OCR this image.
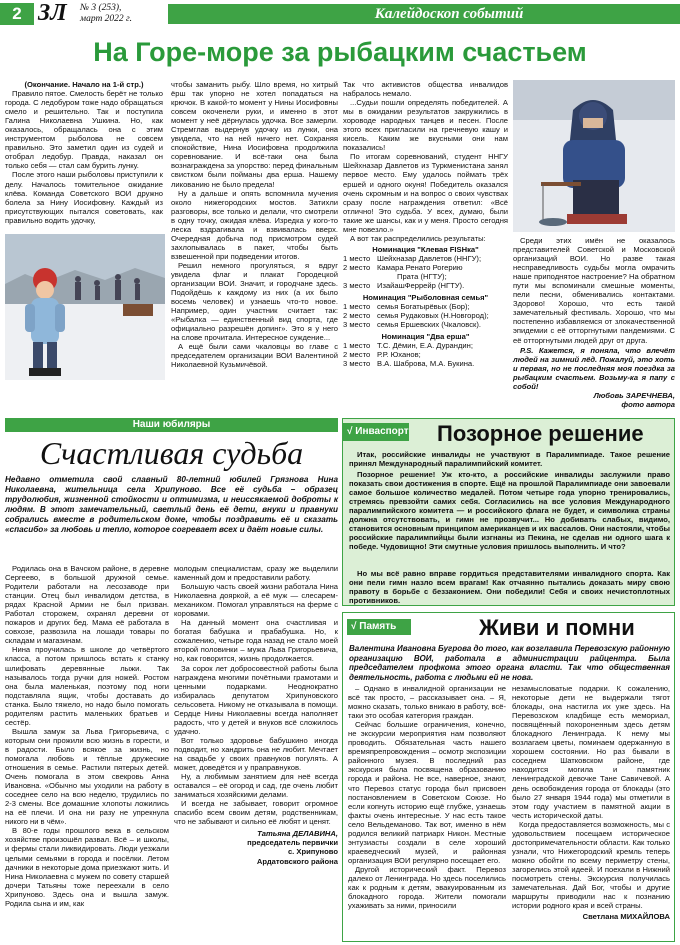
2 ЗЛ № 3 (253),
март 2022 г.	Калейдоскоп событий
На Горе-море за рыбацким счастьем

(Окончание. Начало на 1-й стр.)

Правило пятое. Смелость берёт не только города. С ледобуром тоже надо обращаться смело и решительно. Так и поступила Галина Николаевна Ушкина. Но, как оказалось, обращалась она с этим инструментом рыболова не совсем правильно. Это заметил один из судей и отобрал ледобур. Правда, наказал он только себя — стал сам бурить лунку.

После этого наши рыболовы приступили к делу. Началось томительное ожидание клёва. Команда Советского ВОИ дружно болела за Нину Иосифовну. Каждый из присутствующих пытался советовать, как правильно водить удочку,

чтобы заманить рыбу. Шло время, но хитрый ёрш так упорно не хотел попадаться на крючок. В какой-то момент у Нины Иосифовны совсем окоченели руки, и именно в этот момент у неё дёрнулась удочка. Все замерли. Стремглав выдернув удочку из лунки, она увидела, что на ней ничего нет. Сохраняя спокойствие, Нина Иосифовна продолжила соревнование. И всё-таки она была вознаграждена за упорство: перед финальным свистком были пойманы два ерша. Нашему ликованию не было предела!

Ну а дальше и опять вспомнила мучения около нижегородских мостов. Затихли разговоры, все только и делали, что смотрели в одну точку, ожидая клёва. Изредка у кого-то леска вздрагивала и взвивалась вверх. Очередная добыча под присмотром судей захлопывалась в пакет, чтобы быть взвешенной при подведении итогов.

Решил немного прогуляться, я вдруг увидела флаг и плакат Городецкой организации ВОИ. Значит, и городчане здесь. Подойдёшь к каждому из них (а их было восемь человек) и узнаешь что-то новое. Например, один участник считает так: «Рыбалка — единственный вид спорта, где официально разрешён допинг». Это я у него на слове прочитала. Интересное суждение...

А ещё были сами чкаловцы во главе с председателем организации ВОИ Валентиной Николаевной Кузьмичёвой.

Так что активистов общества инвалидов набралось немало.

...Судьи пошли определять победителей. А мы в ожидании результатов закружились в хороводе народных танцев и песен. После этого всех пригласили на гречневую кашу и кисель. Каким же вкусными они нам показались!

По итогам соревнований, студент ННГУ Шейхназар Давлетов из Туркменистана занял первое место. Ему удалось поймать трёх ершей и одного окуня! Победитель оказался очень скромным и на вопрос о своих чувствах сразу после награждения ответил: «Всё отлично! Это судьба. У всех, думаю, были такие же шансы, как и у меня. Просто сегодня мне повезло.»

А вот так распределились результаты:

Номинация "Клевая FISHка"
1 место Шейхназар Давлетов (ННГУ);
2 место Камара Ренато Рогерию
Прата (НГТУ);
3 место ИзайашФеррейр (НГТУ).
Номинация "Рыболовная семья"
1 место семья Богатырёвых (Бор);
2 место семья Рудаковых (Н.Новгород);
3 место семья Ершевских (Чкаловск).
Номинация "Два ерша"
1 место Т.С. Дёмин, Е.А. Дурандин;
2 место Р.Р. Юханов;
3 место В.А. Шаброва, М.А. Букина.

Среди этих имён не оказалось представителей Советской и Московской организаций ВОИ. Но разве такая несправедливость судьбы могла омрачить наше приподнятое настроение? На обратном пути мы вспоминали смешные моменты, пели песни, обменивались контактами. Здорово! Хорошо, что есть такой замечательный фестиваль. Хорошо, что мы постепенно избавляемся от злокачественной эпидемии с её отторгнутыми пандемиями. С её отторгнутыми людей друг от друга.

P.S. Кажется, я поняла, что влечёт людей на зимний лёд. Пожалуй, это хоть и первая, но не последняя моя поездка за рыбацким счастьем. Возьму-ка я папу с собой!

Любовь ЗАРЕЧНЕВА,
фото автора
Наши юбиляры
Счастливая судьба
Недавно отметила свой славный 80-летний юбилей Грязнова Нина Николаевна, жительница села Хрипуново. Все её судьба – образец трудолюбия, жизненной стойкости и оптимизма, и неиссякаемой доброты к людям. В этот замечательный, светлый день её дети, внуки и правнуки собрались вместе в родительском доме, чтобы поздравить её и сказать «спасибо» за любовь и тепло, которое согревает всех и даёт новые силы.

Родилась она в Вачском районе, в деревне Сергеево, в большой дружной семье. Родители работали на лесозаводе при станции. Отец был инвалидом детства, в рядах Красной Армии не был призван. Работал сторожем, охранял деревни от пожаров и других бед. Мама её работала в совхозе, развозила на лошади товары по складам и магазинам.

Нина проучилась в школе до четвёртого класса, а потом пришлось встать к станку шлифовать деревянные лыжи. Так называлось тогда ручки для ножей. Ростом она была маленькая, поэтому под ноги подставляла ящик, чтобы доставать до станка. Было тяжело, но надо было помогать родителям растить маленьких братьев и сестёр.

Вышла замуж за Льва Григорьевича, с которым они прожили всю жизнь в горести, и в радости. Было всякое за жизнь, но помогала любовь и тёплые дружеские отношения в семье. Растили пятерых детей. Очень помогала в этом свекровь Анна Ивановна. «Обычно мы уходили на работу в соседнее село на всю неделю, трудились по 2-3 смены. Все домашние хлопоты ложились на её плечи. И она ни разу не упрекнула никого ни в чём».

В 80-е годы прошлого века в сельском хозяйстве произошёл развал. Всё – и школы, и фермы стали ликвидировать. Люди уезжали целыми семьями в города и посёлки. Летом дачники в некоторые дома приезжают жить. И Нина Николаевна с мужем по совету старшей дочери Татьяны тоже переехали в село Хрипуново. Здесь она и вышла замуж. Родила сына и им, как

молодым специалистам, сразу же выделили каменный дом и предоставили работу.

Большую часть своей жизни работала Нина Николаевна дояркой, а её муж — слесарем-механиком. Помогал управляться на ферме с коровами.

На данный момент она счастливая и богатая бабушка и прабабушка. Но, к сожалению, четыре года назад не стало моей второй половинки – мужа Льва Григорьевича, но, как говорится, жизнь продолжается.

За сорок лет добросовестной работы была награждена многими почётными грамотами и ценными подарками. Неоднократно избиралась депутатом Хрипуновского сельсовета. Никому не отказывала в помощи. Сердце Нины Николаевны всегда наполняет радость, что у детей и внуков всё сложилось удачно.

Вот только здоровье бабушкино иногда подводит, но хандрить она не любит. Мечтает на свадьбе у своих правнуков погулять. А может, доведётся и у праправнуков.

Ну, а любимым занятием для неё всегда оставался – её огород и сад, где очень любит заниматься хозяйскими делами.

И всегда не забывает, говорит огромное спасибо всем своим детям, родственникам, что не забывают и сильно её любят и ценят.

Татьяна ДЕЛАВИНА,
председатель первички
с. Хрипуново
Ардатовского района
√ Инваспорт Позорное решение
Итак, российские инвалиды не участвуют в Паралимпиаде. Такое решение принял Международный паралимпийский комитет.
Позорное решение! Уж кто-кто, а российские инвалиды заслужили право показать свои достижения в спорте. Ещё на прошлой Паралимпиаде они завоевали самое большое количество медалей. Потом четыре года упорно тренировались, стремясь превзойти самих себя. Согласились на все условия Международного паралимпийского комитета — и российского флага не будет, и символика страны должна отсутствовать, и гимн не прозвучит... Но добивать слабых, видимо, становится основным принципом американцев и их вассалов. Они настояли, чтобы российские паралимпийцы были изгнаны из Пекина, не сделав ни одного шага к победе. Чудовищно! Эти смутные условия пришлось выполнить. И что?
Но мы всё равно вправе гордиться представителями инвалидного спорта. Как они пели гимн назло всем врагам! Как отчаянно пытались доказать миру свою правоту в борьбе с беззаконием. Они победили! Себя и своих нечистоплотных противников.
√ Память	Живи и помни
Валентина Ивановна Бугрова до того, как возглавила Перевозскую районную организацию ВОИ, работала в администрации райцентра. Была председателем профкома этого органа власти. Так что общественная деятельность, работа с людьми ей не нова.

– Однако в инвалидной организации не всё так просто, – рассказывает она. – Я, можно сказать, только вникаю в работу, всё-таки это особая категория граждан.

Сейчас большие ограничения, конечно, не экскурсии мероприятия нам позволяют проводить. Обязательная часть нашего времяпрепровождения – осмотр экспозиции районного музея. В последний раз экскурсия была посвящена образованию города и района. Не все, наверное, знают, что Перевоз статус города был присвоен постановлением в Советском Союзе. Но если копнуть историю ещё глубже, узнаешь факты очень интересные. У нас есть такое село Вельдеманово. Так вот, именно в нём родился великий патриарх Никон. Местные энтузиасты создали в селе хороший краеведческий музей, и районная организация ВОИ регулярно посещает его.

Другой исторический факт. Перевоз далеко от Ленинграда. Но здесь поселились как к родным к детям, эвакуированным из блокадного города. Жители помогали ухаживать за ними, приносили

незамысловатые подарки. К сожалению, некоторые дети не выдержали тягот блокады, она настигла их уже здесь. На Перевозском кладбище есть мемориал, посвящённый похороненным здесь детям блокадного Ленинграда. К нему мы возлагаем цветы, поминаем одержанную в хорошем состоянии. Но раз бывали в соседнем Шатковском районе, где находится могила и памятник ленинградской девочке Тане Савичевой. А день освобождения города от блокады (это было 27 января 1944 года) мы отметили в этом году участием в памятной акции в честь исторической даты.

Когда предоставляется возможность, мы с удовольствием посещаем историческое достопримечательности области. Как только узнали, что Нижегородский кремль теперь можно обойти по всему периметру стены, загорелись этой идеей. И поехали в Нижний посмотреть стены. Экскурсия получилась замечательная. Дай Бог, чтобы и другие маршруты приводили нас к познанию истории родного края и всей страны.

Светлана МИХАЙЛОВА
